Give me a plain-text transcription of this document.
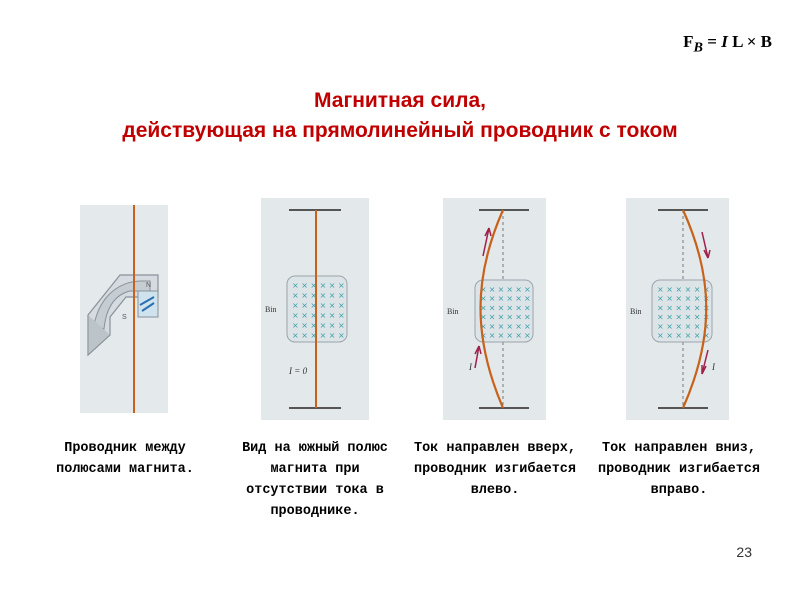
$F_B = I$ L × B
Магнитная сила,
действующая на прямолинейный проводник с током
N
S
× × × × × ×
× × × × × ×
× × × × × ×
× × × × × ×
× × × × × ×
× × × × × ×
Bin
I = 0
× × × × × ×
× × × × × ×
× × × × × ×
× × × × × ×
× × × × × ×
× × × × × ×
Bin
I
× × × × × ×
× × × × × ×
× × × × × ×
× × × × × ×
× × × × × ×
× × × × × ×
Bin
I
Проводник между полюсами магнита.
Вид на южный полюс магнита при отсутствии тока в проводнике.
Ток направлен вверх, проводник изгибается влево.
Ток направлен вниз, проводник изгибается вправо.
23
